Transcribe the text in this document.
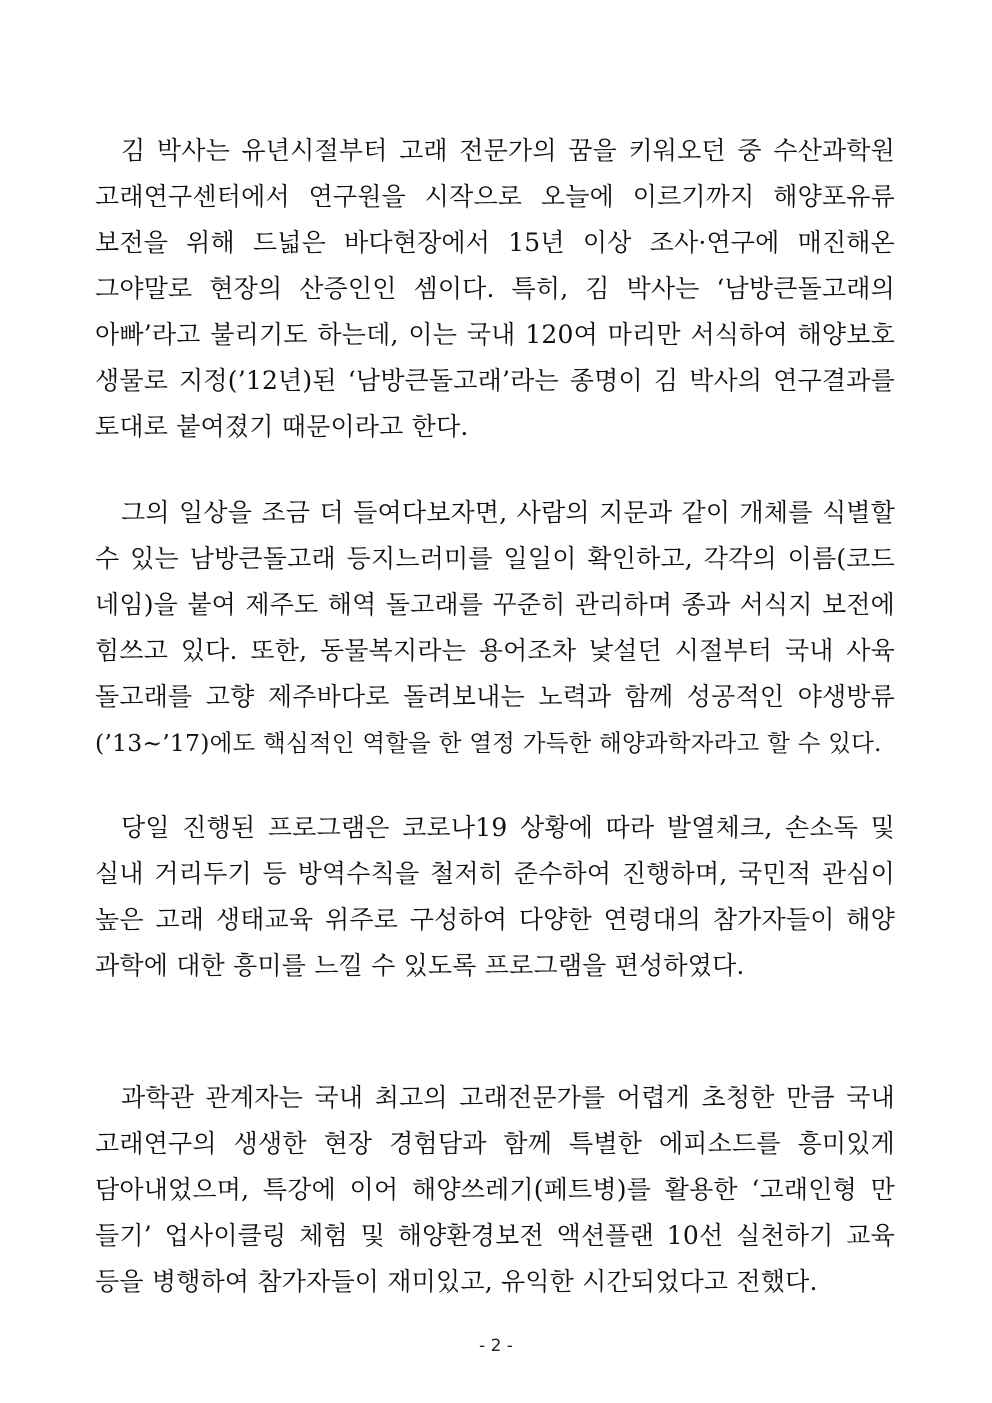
김 박사는 유년시절부터 고래 전문가의 꿈을 키워오던 중 수산과학원
고래연구센터에서 연구원을 시작으로 오늘에 이르기까지 해양포유류
보전을 위해 드넓은 바다현장에서 15년 이상 조사·연구에 매진해온
그야말로 현장의 산증인인 셈이다. 특히, 김 박사는 ‘남방큰돌고래의
아빠’라고 불리기도 하는데, 이는 국내 120여 마리만 서식하여 해양보호
생물로 지정(’12년)된 ‘남방큰돌고래’라는 종명이 김 박사의 연구결과를
토대로 붙여졌기 때문이라고 한다.
그의 일상을 조금 더 들여다보자면, 사람의 지문과 같이 개체를 식별할
수 있는 남방큰돌고래 등지느러미를 일일이 확인하고, 각각의 이름(코드
네임)을 붙여 제주도 해역 돌고래를 꾸준히 관리하며 종과 서식지 보전에
힘쓰고 있다. 또한, 동물복지라는 용어조차 낯설던 시절부터 국내 사육
돌고래를 고향 제주바다로 돌려보내는 노력과 함께 성공적인 야생방류
(’13~’17)에도 핵심적인 역할을 한 열정 가득한 해양과학자라고 할 수 있다.
당일 진행된 프로그램은 코로나19 상황에 따라 발열체크, 손소독 및
실내 거리두기 등 방역수칙을 철저히 준수하여 진행하며, 국민적 관심이
높은 고래 생태교육 위주로 구성하여 다양한 연령대의 참가자들이 해양
과학에 대한 흥미를 느낄 수 있도록 프로그램을 편성하였다.
과학관 관계자는 국내 최고의 고래전문가를 어렵게 초청한 만큼 국내
고래연구의 생생한 현장 경험담과 함께 특별한 에피소드를 흥미있게
담아내었으며, 특강에 이어 해양쓰레기(페트병)를 활용한 ‘고래인형 만
들기’ 업사이클링 체험 및 해양환경보전 액션플랜 10선 실천하기 교육
등을 병행하여 참가자들이 재미있고, 유익한 시간되었다고 전했다.
- 2 -
